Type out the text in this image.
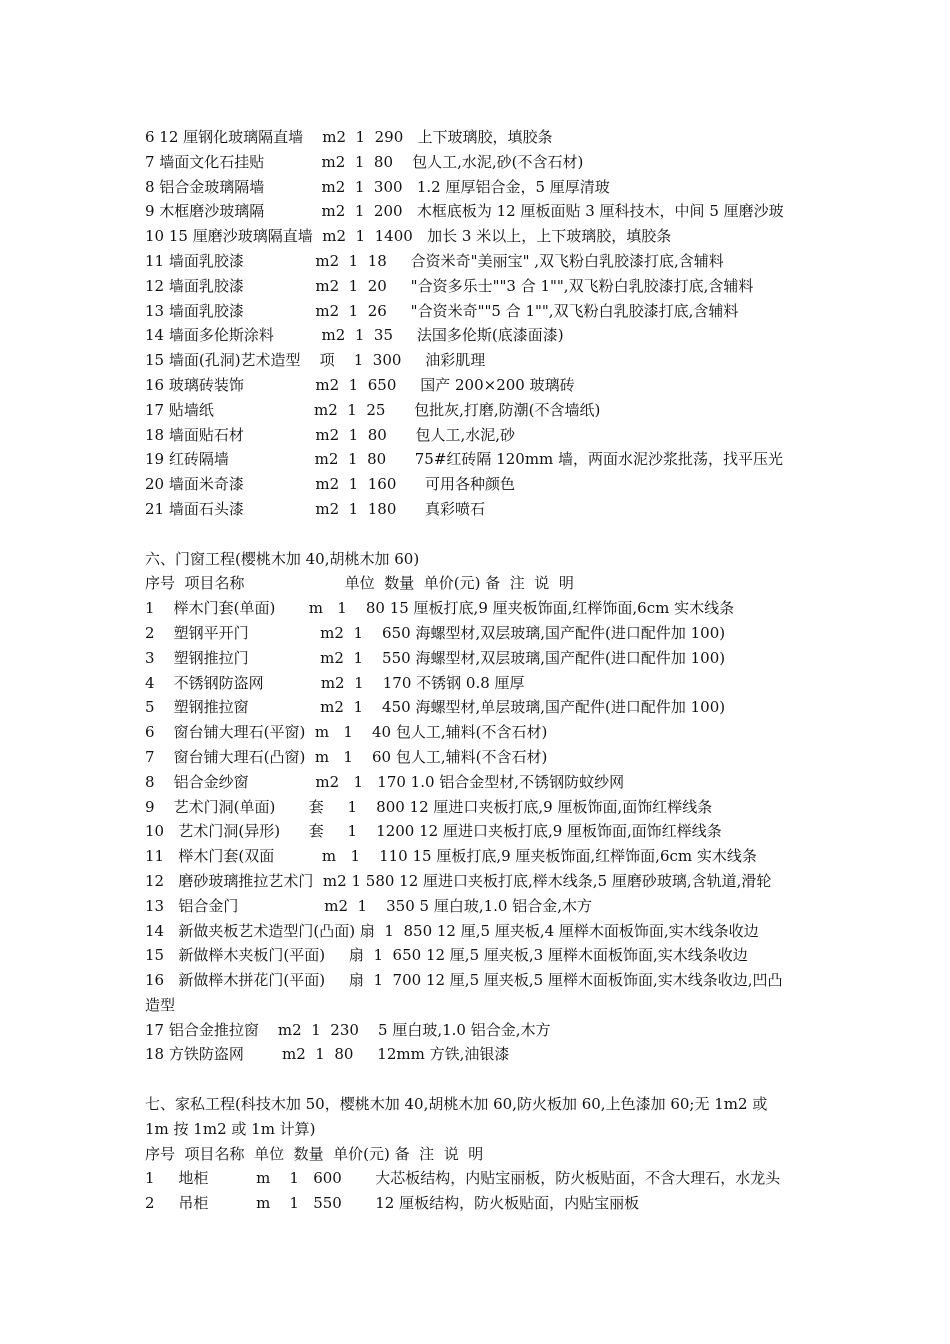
6 12 厘钢化玻璃隔直墙    m2  1  290   上下玻璃胶，填胶条
7 墙面文化石挂贴            m2  1  80    包人工,水泥,砂(不含石材)
8 铝合金玻璃隔墙            m2  1  300   1.2 厘厚铝合金，5 厘厚清玻
9 木框磨沙玻璃隔            m2  1  200   木框底板为 12 厘板面贴 3 厘科技木，中间 5 厘磨沙玻
10 15 厘磨沙玻璃隔直墙  m2  1  1400   加长 3 米以上，上下玻璃胶，填胶条
11 墙面乳胶漆               m2  1  18     合资米奇"美丽宝" ,双飞粉白乳胶漆打底,含辅料
12 墙面乳胶漆               m2  1  20     "合资多乐士""3 合 1"",双飞粉白乳胶漆打底,含辅料
13 墙面乳胶漆               m2  1  26     "合资米奇""5 合 1"",双飞粉白乳胶漆打底,含辅料
14 墙面多伦斯涂料          m2  1  35     法国多伦斯(底漆面漆)
15 墙面(孔洞)艺术造型    项    1  300     油彩肌理
16 玻璃砖装饰               m2  1  650     国产 200×200 玻璃砖
17 贴墙纸                     m2  1  25      包批灰,打磨,防潮(不含墙纸)
18 墙面贴石材               m2  1  80      包人工,水泥,砂
19 红砖隔墙                  m2  1  80      75#红砖隔 120mm 墙，两面水泥沙浆批荡，找平压光
20 墙面米奇漆               m2  1  160      可用各种颜色
21 墙面石头漆               m2  1  180      真彩喷石
六、门窗工程(樱桃木加 40,胡桃木加 60)
序号  项目名称                     单位  数量  单价(元) 备  注  说  明
1    榉木门套(单面)       m   1    80 15 厘板打底,9 厘夹板饰面,红榉饰面,6cm 实木线条
2    塑钢平开门               m2  1    650 海螺型材,双层玻璃,国产配件(进口配件加 100)
3    塑钢推拉门               m2  1    550 海螺型材,双层玻璃,国产配件(进口配件加 100)
4    不锈钢防盗网            m2  1    170 不锈钢 0.8 厘厚
5    塑钢推拉窗               m2  1    450 海螺型材,单层玻璃,国产配件(进口配件加 100)
6    窗台铺大理石(平窗)  m   1    40 包人工,辅料(不含石材)
7    窗台铺大理石(凸窗)  m   1    60 包人工,辅料(不含石材)
8    铝合金纱窗              m2   1   170 1.0 铝合金型材,不锈钢防蚊纱网
9    艺术门洞(单面)       套     1    800 12 厘进口夹板打底,9 厘板饰面,面饰红榉线条
10   艺术门洞(异形)      套     1    1200 12 厘进口夹板打底,9 厘板饰面,面饰红榉线条
11   榉木门套(双面          m   1    110 15 厘板打底,9 厘夹板饰面,红榉饰面,6cm 实木线条
12   磨砂玻璃推拉艺术门  m2 1 580 12 厘进口夹板打底,榉木线条,5 厘磨砂玻璃,含轨道,滑轮
13   铝合金门                  m2  1    350 5 厘白玻,1.0 铝合金,木方
14   新做夹板艺术造型门(凸面) 扇  1  850 12 厘,5 厘夹板,4 厘榉木面板饰面,实木线条收边
15   新做榉木夹板门(平面)     扇  1  650 12 厘,5 厘夹板,3 厘榉木面板饰面,实木线条收边
16   新做榉木拼花门(平面)     扇  1  700 12 厘,5 厘夹板,5 厘榉木面板饰面,实木线条收边,凹凸
造型
17 铝合金推拉窗    m2  1  230    5 厘白玻,1.0 铝合金,木方
18 方铁防盗网        m2  1  80     12mm 方铁,油银漆
七、家私工程(科技木加 50，樱桃木加 40,胡桃木加 60,防火板加 60,上色漆加 60;无 1m2 或
1m 按 1m2 或 1m 计算)
序号  项目名称  单位  数量  单价(元) 备  注  说  明
1     地柜          m    1   600       大芯板结构，内贴宝丽板，防火板贴面，不含大理石，水龙头
2     吊柜          m    1   550       12 厘板结构，防火板贴面，内贴宝丽板
